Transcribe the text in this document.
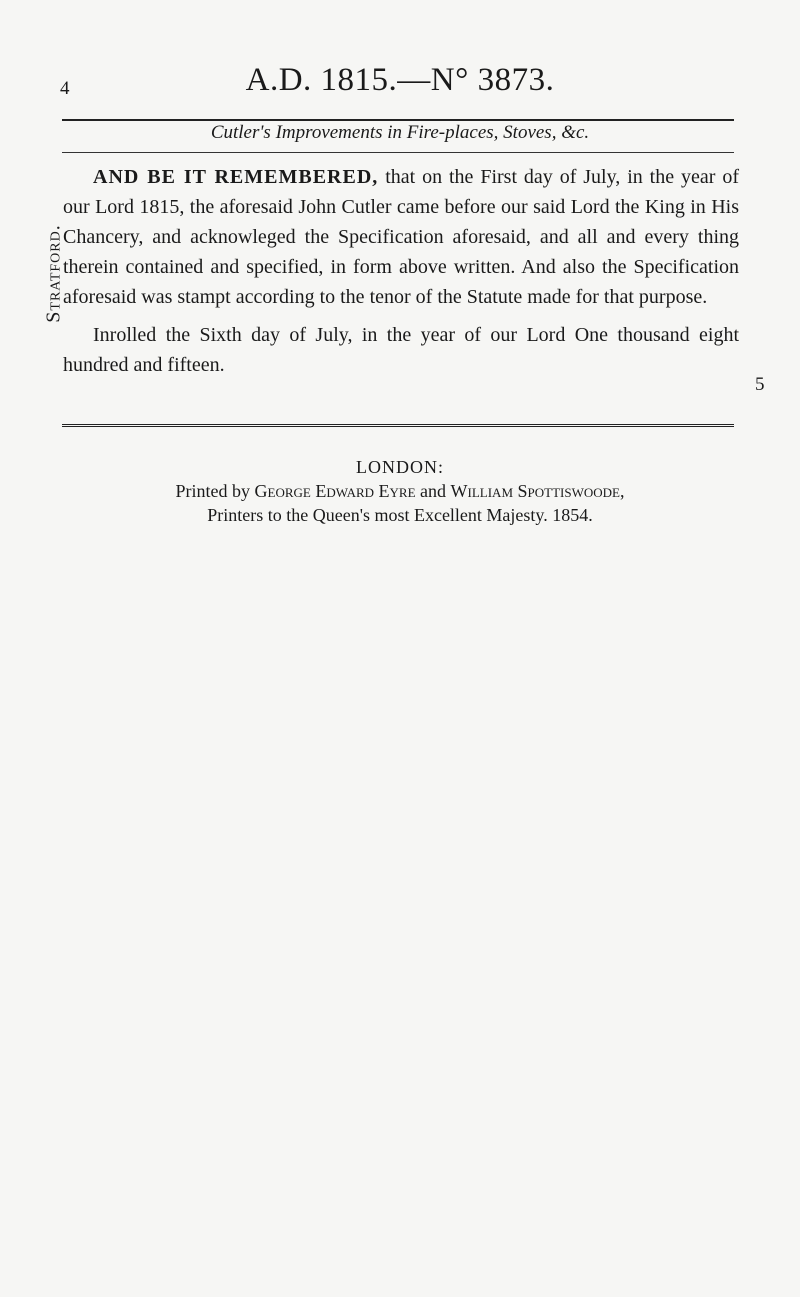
4	A.D. 1815.—N° 3873.
Cutler's Improvements in Fire-places, Stoves, &c.
Stratford.

AND BE IT REMEMBERED, that on the First day of July, in the year of our Lord 1815, the aforesaid John Cutler came before our said Lord the King in His Chancery, and acknowleged the Specification aforesaid, and all and every thing therein contained and specified, in form above written. And also the Specification aforesaid was stampt according to the tenor of the Statute made for that purpose.

Inrolled the Sixth day of July, in the year of our Lord One thousand eight hundred and fifteen.

5
LONDON:
Printed by George Edward Eyre and William Spottiswoode,
Printers to the Queen's most Excellent Majesty. 1854.
